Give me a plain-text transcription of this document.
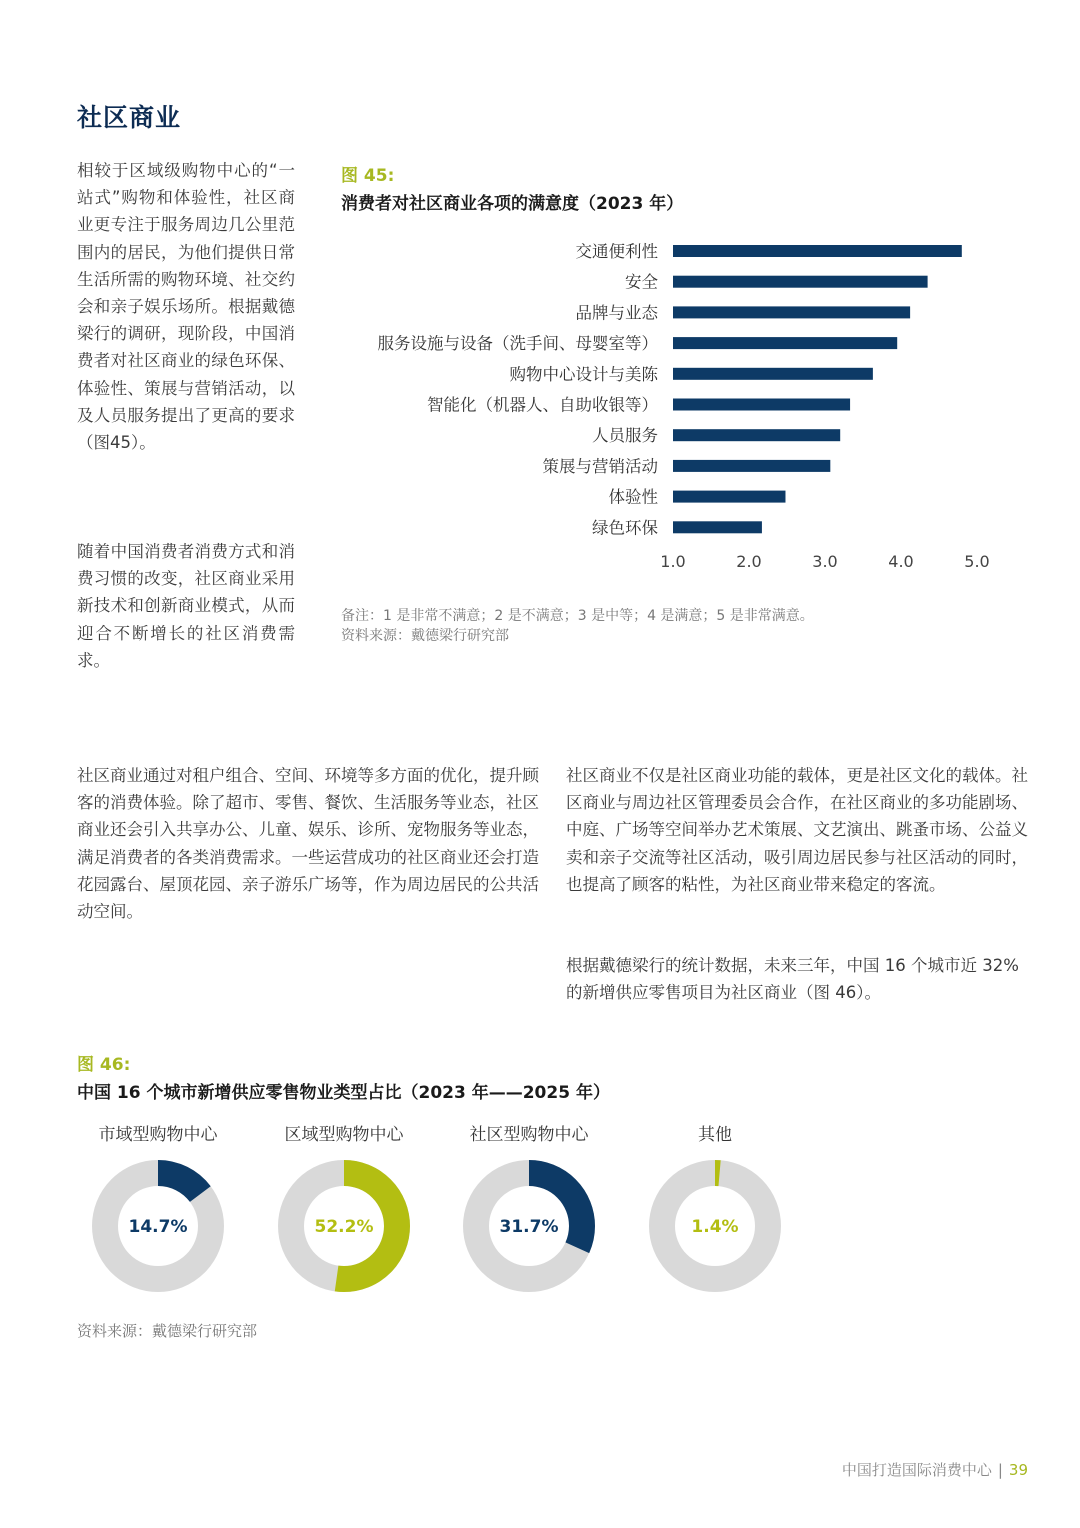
社区商业
相较于区域级购物中心的“一站式”购物和体验性，社区商业更专注于服务周边几公里范围内的居民，为他们提供日常生活所需的购物环境、社交约会和亲子娱乐场所。根据戴德梁行的调研，现阶段，中国消费者对社区商业的绿色环保、体验性、策展与营销活动，以及人员服务提出了更高的要求（图45）。
随着中国消费者消费方式和消费习惯的改变，社区商业采用新技术和创新商业模式，从而迎合不断增长的社区消费需求。
图 45:
消费者对社区商业各项的满意度（2023 年）
交通便利性
安全
品牌与业态
服务设施与设备（洗手间、母婴室等）
购物中心设计与美陈
智能化（机器人、自助收银等）
人员服务
策展与营销活动
体验性
绿色环保
1.0	2.0	3.0	4.0	5.0
备注：1 是非常不满意；2 是不满意；3 是中等；4 是满意；5 是非常满意。
资料来源：戴德梁行研究部
社区商业通过对租户组合、空间、环境等多方面的优化，提升顾客的消费体验。除了超市、零售、餐饮、生活服务等业态，社区商业还会引入共享办公、儿童、娱乐、诊所、宠物服务等业态，满足消费者的各类消费需求。一些运营成功的社区商业还会打造花园露台、屋顶花园、亲子游乐广场等，作为周边居民的公共活动空间。
社区商业不仅是社区商业功能的载体，更是社区文化的载体。社区商业与周边社区管理委员会合作，在社区商业的多功能剧场、中庭、广场等空间举办艺术策展、文艺演出、跳蚤市场、公益义卖和亲子交流等社区活动，吸引周边居民参与社区活动的同时，也提高了顾客的粘性，为社区商业带来稳定的客流。
根据戴德梁行的统计数据，未来三年，中国 16 个城市近 32% 的新增供应零售项目为社区商业（图 46）。
图 46:
中国 16 个城市新增供应零售物业类型占比（2023 年——2025 年）
市域型购物中心
14.7%
区域型购物中心
52.2%
社区型购物中心
31.7%
其他
1.4%
资料来源：戴德梁行研究部
中国打造国际消费中心 | 39
